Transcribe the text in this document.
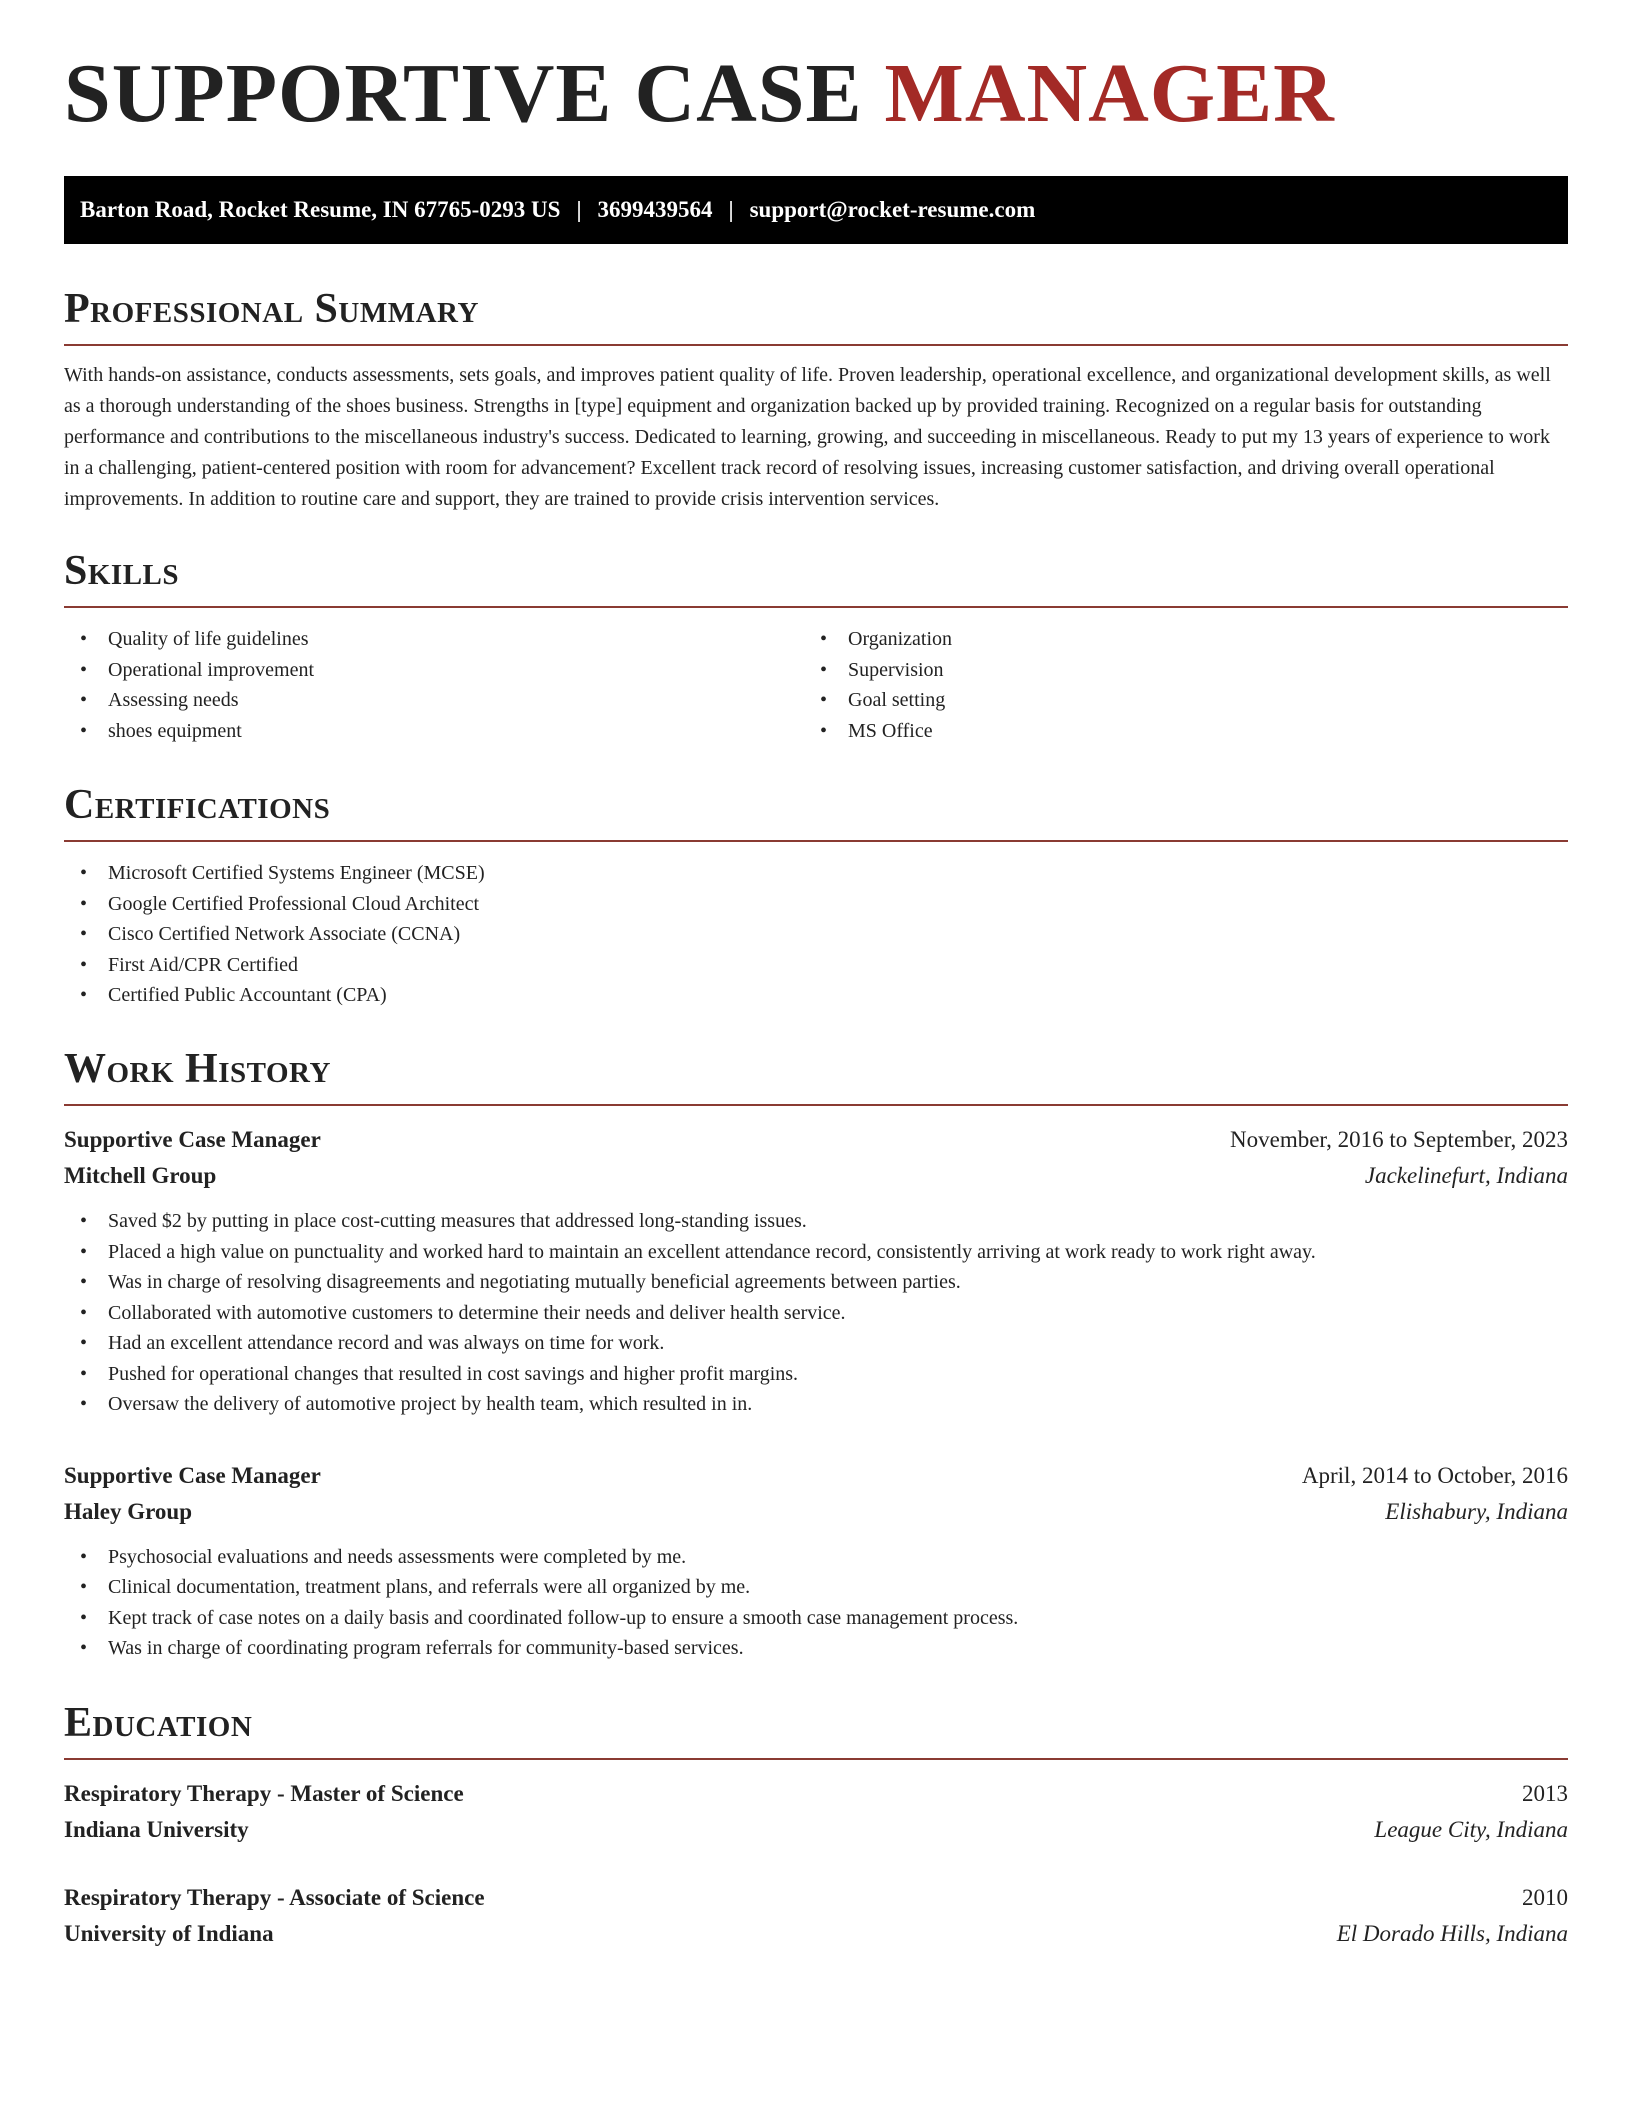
SUPPORTIVE CASE MANAGER
Barton Road, Rocket Resume, IN 67765-0293 US | 3699439564 | support@rocket-resume.com
Professional Summary

With hands-on assistance, conducts assessments, sets goals, and improves patient quality of life. Proven leadership, operational excellence, and organizational development skills, as well as a thorough understanding of the shoes business. Strengths in [type] equipment and organization backed up by provided training. Recognized on a regular basis for outstanding performance and contributions to the miscellaneous industry's success. Dedicated to learning, growing, and succeeding in miscellaneous. Ready to put my 13 years of experience to work in a challenging, patient-centered position with room for advancement? Excellent track record of resolving issues, increasing customer satisfaction, and driving overall operational improvements. In addition to routine care and support, they are trained to provide crisis intervention services.

Skills
• Quality of life guidelines
• Operational improvement
• Assessing needs
• shoes equipment
• Organization
• Supervision
• Goal setting
• MS Office
Certifications
• Microsoft Certified Systems Engineer (MCSE)
• Google Certified Professional Cloud Architect
• Cisco Certified Network Associate (CCNA)
• First Aid/CPR Certified
• Certified Public Accountant (CPA)
Work History
Supportive Case Manager	November, 2016 to September, 2023
Mitchell Group	Jackelinefurt, Indiana
• Saved $2 by putting in place cost-cutting measures that addressed long-standing issues.
• Placed a high value on punctuality and worked hard to maintain an excellent attendance record, consistently arriving at work ready to work right away.
• Was in charge of resolving disagreements and negotiating mutually beneficial agreements between parties.
• Collaborated with automotive customers to determine their needs and deliver health service.
• Had an excellent attendance record and was always on time for work.
• Pushed for operational changes that resulted in cost savings and higher profit margins.
• Oversaw the delivery of automotive project by health team, which resulted in in.
Supportive Case Manager	April, 2014 to October, 2016
Haley Group	Elishabury, Indiana
• Psychosocial evaluations and needs assessments were completed by me.
• Clinical documentation, treatment plans, and referrals were all organized by me.
• Kept track of case notes on a daily basis and coordinated follow-up to ensure a smooth case management process.
• Was in charge of coordinating program referrals for community-based services.
Education
Respiratory Therapy - Master of Science	2013
Indiana University	League City, Indiana
Respiratory Therapy - Associate of Science	2010
University of Indiana	El Dorado Hills, Indiana
